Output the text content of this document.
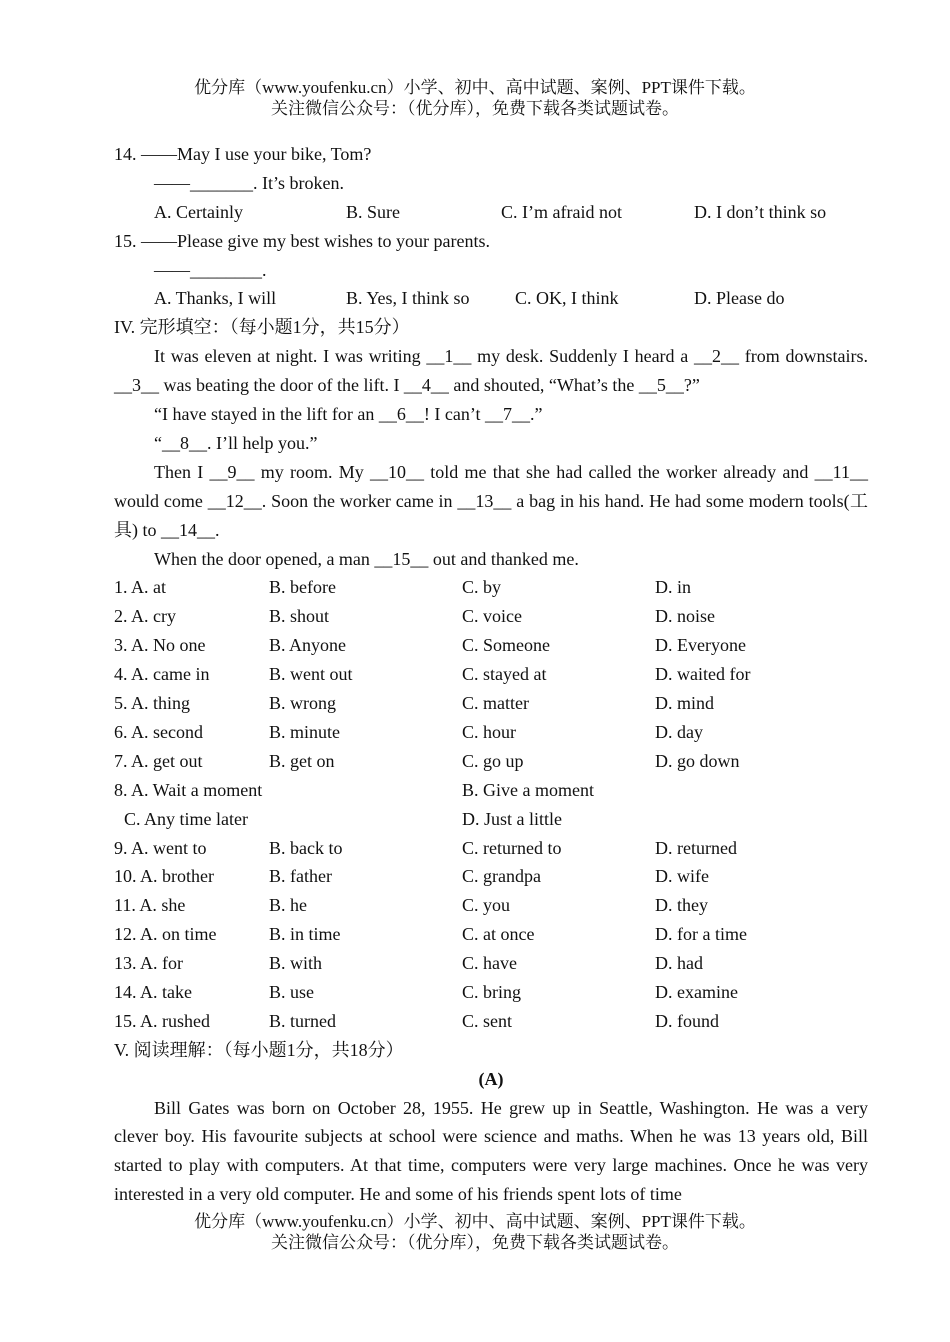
优分库（www.youfenku.cn）小学、初中、高中试题、案例、PPT课件下载。
关注微信公众号：（优分库），免费下载各类试题试卷。
14. ——May I use your bike, Tom?
——_______. It’s broken.
A. Certainly	B. Sure	C. I’m afraid not	D. I don’t think so
15. ——Please give my best wishes to your parents.
——________.
A. Thanks, I will	B. Yes, I think so	C. OK, I think	D. Please do
IV. 完形填空：（每小题1分，共15分）
It was eleven at night. I was writing __1__ my desk. Suddenly I heard a __2__ from downstairs. __3__ was beating the door of the lift. I __4__ and shouted, “What’s the __5__?”
“I have stayed in the lift for an __6__! I can’t __7__.”
“__8__. I’ll help you.”
Then I __9__ my room. My __10__ told me that she had called the worker already and __11__ would come __12__. Soon the worker came in __13__ a bag in his hand. He had some modern tools(工具) to __14__.
When the door opened, a man __15__ out and thanked me.
1. A. at	B. before	C. by	D. in
2. A. cry	B. shout	C. voice	D. noise
3. A. No one	B. Anyone	C. Someone	D. Everyone
4. A. came in	B. went out	C. stayed at	D. waited for
5. A. thing	B. wrong	C. matter	D. mind
6. A. second	B. minute	C. hour	D. day
7. A. get out	B. get on	C. go up	D. go down
8. A. Wait a moment	B. Give a moment
C. Any time later	D. Just a little
9. A. went to	B. back to	C. returned to	D. returned
10. A. brother	B. father	C. grandpa	D. wife
11. A. she	B. he	C. you	D. they
12. A. on time	B. in time	C. at once	D. for a time
13. A. for	B. with	C. have	D. had
14. A. take	B. use	C. bring	D. examine
15. A. rushed	B. turned	C. sent	D. found
V. 阅读理解：（每小题1分，共18分）
(A)
Bill Gates was born on October 28, 1955. He grew up in Seattle, Washington. He was a very clever boy. His favourite subjects at school were science and maths. When he was 13 years old, Bill started to play with computers. At that time, computers were very large machines. Once he was very interested in a very old computer. He and some of his friends spent lots of time
优分库（www.youfenku.cn）小学、初中、高中试题、案例、PPT课件下载。
关注微信公众号：（优分库），免费下载各类试题试卷。
